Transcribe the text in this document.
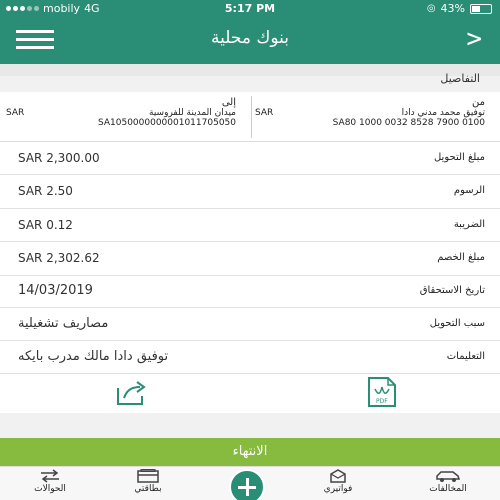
mobily 4G	5:17 PM	◎ 43%
بنوك محلية	>
التفاصيل
من
توفيق محمد مدني دادا
SAR
SA80 1000 0032 8528 7900 0100
إلى
ميدان المدينة للفروسية
SAR
SA1050000000001011705050
مبلغ التحويل
SAR 2,300.00
الرسوم
SAR 2.50
الضريبة
SAR 0.12
مبلغ الخصم
SAR 2,302.62
تاريخ الاستحقاق
14/03/2019
سبب التحويل
مصاريف تشغيلية
التعليمات
توفيق دادا مالك مدرب بايكه
PDF
الانتهاء
الحوالات	بطاقتي	فواتيري	المخالفات
